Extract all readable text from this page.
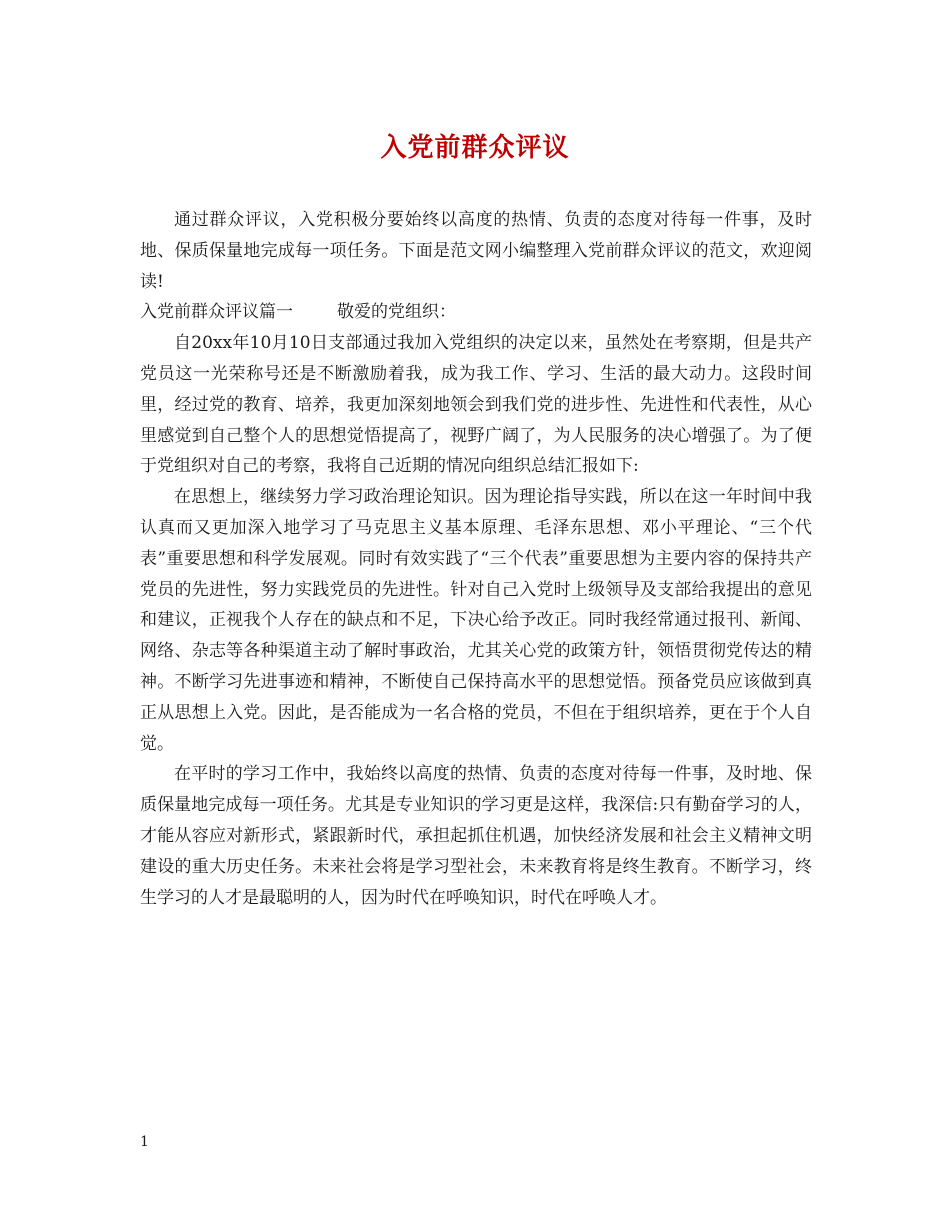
入党前群众评议

通过群众评议，入党积极分要始终以高度的热情、负责的态度对待每一件事，及时地、保质保量地完成每一项任务。下面是范文网小编整理入党前群众评议的范文，欢迎阅读!

入党前群众评议篇一	敬爱的党组织：

自20xx年10月10日支部通过我加入党组织的决定以来，虽然处在考察期，但是共产党员这一光荣称号还是不断激励着我，成为我工作、学习、生活的最大动力。这段时间里，经过党的教育、培养，我更加深刻地领会到我们党的进步性、先进性和代表性，从心里感觉到自己整个人的思想觉悟提高了，视野广阔了，为人民服务的决心增强了。为了便于党组织对自己的考察，我将自己近期的情况向组织总结汇报如下:

在思想上，继续努力学习政治理论知识。因为理论指导实践，所以在这一年时间中我认真而又更加深入地学习了马克思主义基本原理、毛泽东思想、邓小平理论、“三个代表”重要思想和科学发展观。同时有效实践了“三个代表”重要思想为主要内容的保持共产党员的先进性，努力实践党员的先进性。针对自己入党时上级领导及支部给我提出的意见和建议，正视我个人存在的缺点和不足，下决心给予改正。同时我经常通过报刊、新闻、网络、杂志等各种渠道主动了解时事政治，尤其关心党的政策方针，领悟贯彻党传达的精神。不断学习先进事迹和精神，不断使自己保持高水平的思想觉悟。预备党员应该做到真正从思想上入党。因此，是否能成为一名合格的党员，不但在于组织培养，更在于个人自觉。

在平时的学习工作中，我始终以高度的热情、负责的态度对待每一件事，及时地、保质保量地完成每一项任务。尤其是专业知识的学习更是这样，我深信:只有勤奋学习的人，才能从容应对新形式，紧跟新时代，承担起抓住机遇，加快经济发展和社会主义精神文明建设的重大历史任务。未来社会将是学习型社会，未来教育将是终生教育。不断学习，终生学习的人才是最聪明的人，因为时代在呼唤知识，时代在呼唤人才。

1
